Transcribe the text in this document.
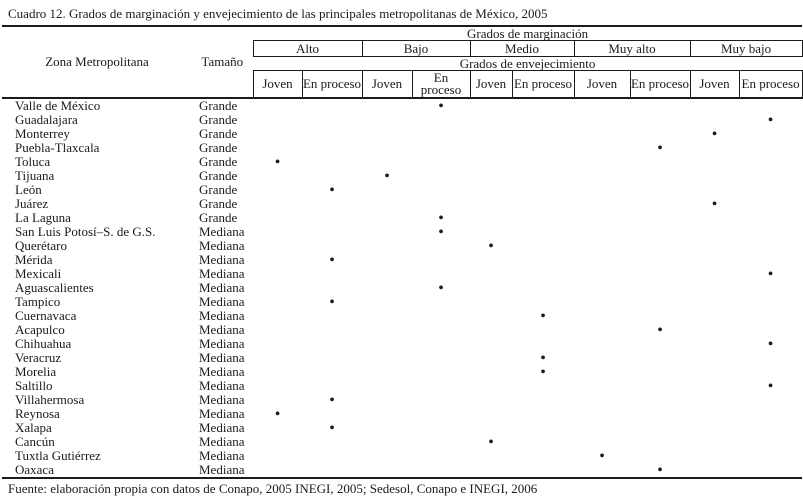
Cuadro 12. Grados de marginación y envejecimiento de las principales metropolitanas de México, 2005
Zona Metropolitana	Tamaño	Grados de marginación									
		Alto		Bajo		Medio		Muy alto		Muy bajo	
		Grados de envejecimiento									
		Joven	En proceso	Joven	En proceso	Joven	En proceso	Joven	En proceso	Joven	En proceso
Valle de México	Grande				•						
Guadalajara	Grande										•
Monterrey	Grande									•	
Puebla-Tlaxcala	Grande								•		
Toluca	Grande	•									
Tijuana	Grande			•							
León	Grande		•								
Juárez	Grande									•	
La Laguna	Grande				•						
San Luis Potosí–S. de G.S.	Mediana				•						
Querétaro	Mediana					•					
Mérida	Mediana		•								
Mexicali	Mediana										•
Aguascalientes	Mediana				•						
Tampico	Mediana		•								
Cuernavaca	Mediana						•				
Acapulco	Mediana								•		
Chihuahua	Mediana										•
Veracruz	Mediana						•				
Morelia	Mediana						•				
Saltillo	Mediana										•
Villahermosa	Mediana		•								
Reynosa	Mediana	•									
Xalapa	Mediana		•								
Cancún	Mediana					•					
Tuxtla Gutiérrez	Mediana							•			
Oaxaca	Mediana								•		
Fuente: elaboración propia con datos de Conapo, 2005 INEGI, 2005; Sedesol, Conapo e INEGI, 2006
